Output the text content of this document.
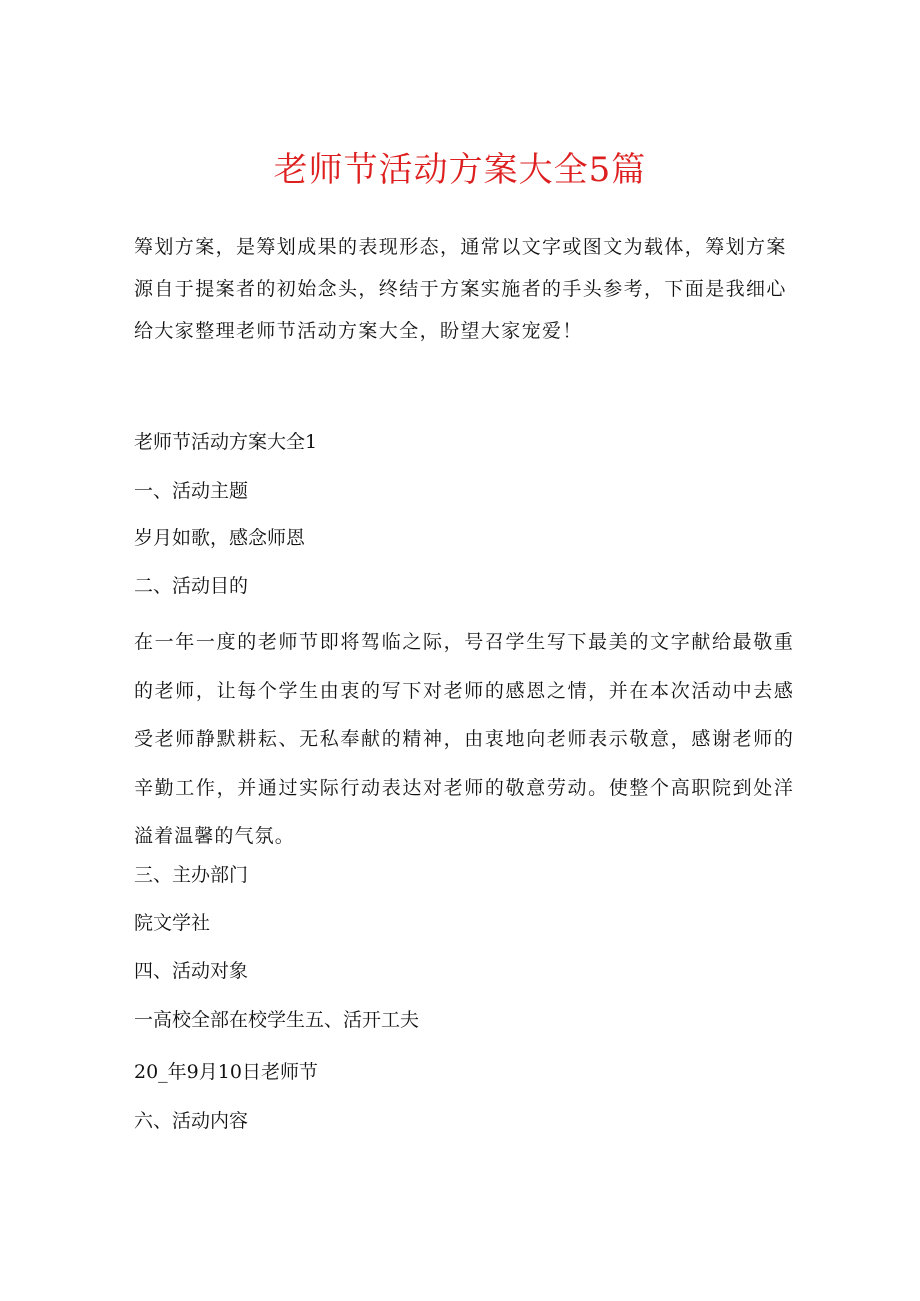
老师节活动方案大全5篇

筹划方案，是筹划成果的表现形态，通常以文字或图文为载体，筹划方案源自于提案者的初始念头，终结于方案实施者的手头参考，下面是我细心给大家整理老师节活动方案大全，盼望大家宠爱！

老师节活动方案大全1

一、活动主题

岁月如歌，感念师恩

二、活动目的

在一年一度的老师节即将驾临之际，号召学生写下最美的文字献给最敬重的老师，让每个学生由衷的写下对老师的感恩之情，并在本次活动中去感受老师静默耕耘、无私奉献的精神，由衷地向老师表示敬意，感谢老师的辛勤工作，并通过实际行动表达对老师的敬意劳动。使整个高职院到处洋溢着温馨的气氛。

三、主办部门

院文学社

四、活动对象

一高校全部在校学生五、活开工夫

20_年9月10日老师节

六、活动内容
